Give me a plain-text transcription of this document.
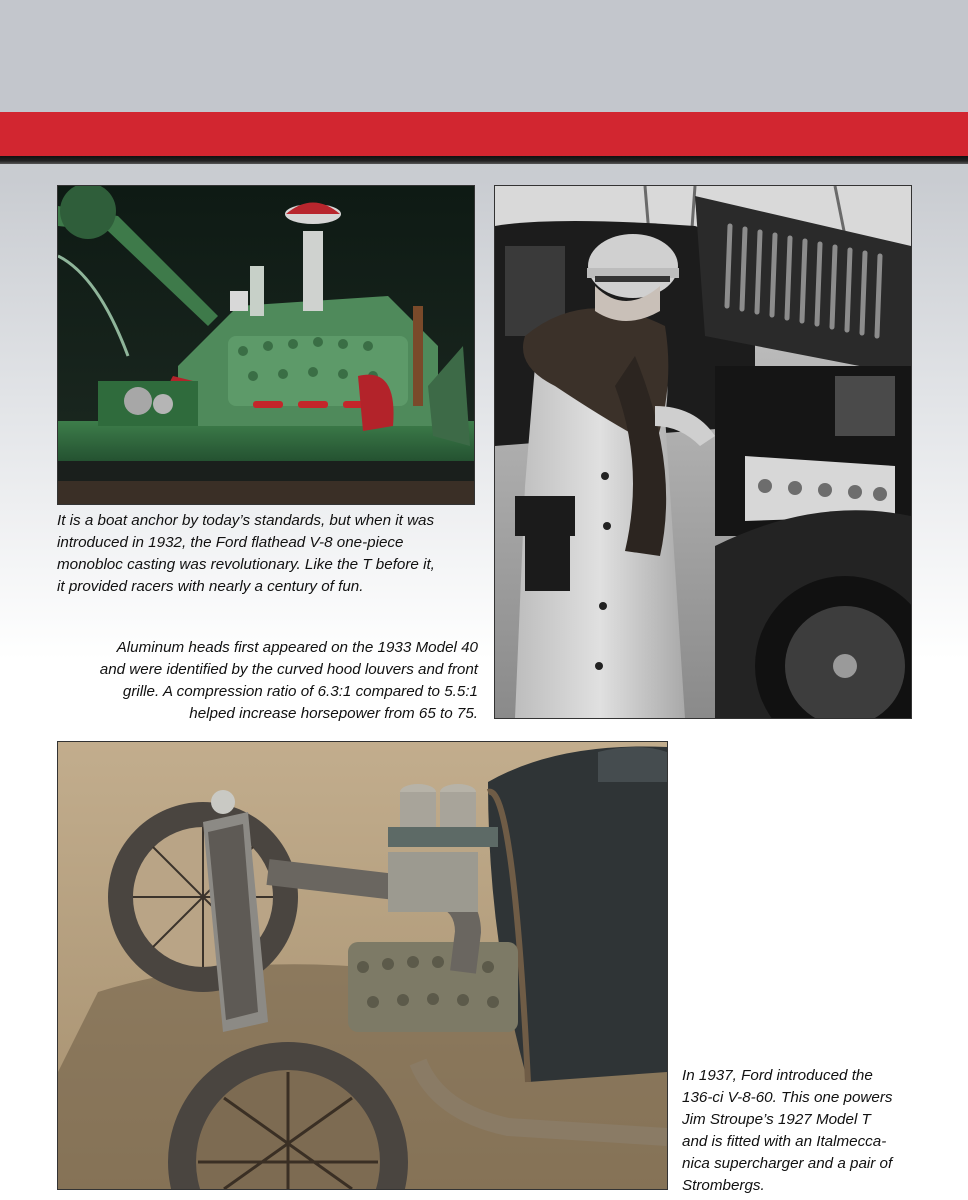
It is a boat anchor by today’s standards, but when it was
introduced in 1932, the Ford flathead V-8 one-piece
monobloc casting was revolutionary. Like the T before it,
it provided racers with nearly a century of fun.
Aluminum heads first appeared on the 1933 Model 40
and were identified by the curved hood louvers and front
grille. A compression ratio of 6.3:1 compared to 5.5:1
helped increase horsepower from 65 to 75.
In 1937, Ford introduced the
136-ci V-8-60. This one powers
Jim Stroupe’s 1927 Model T
and is fitted with an Italmecca-
nica supercharger and a pair of
Strombergs.
